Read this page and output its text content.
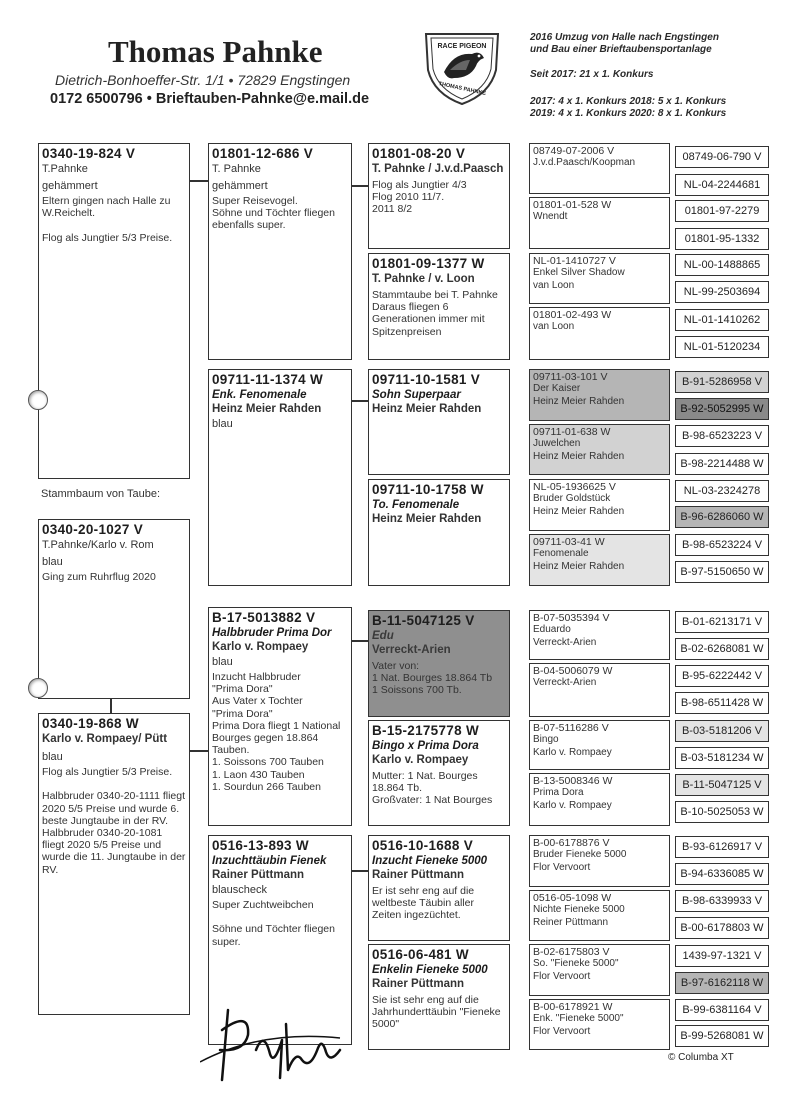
Thomas Pahnke
Dietrich-Bonhoeffer-Str. 1/1 • 72829 Engstingen
0172 6500796 • Brieftauben-Pahnke@e.mail.de
RACE PIGEON
THOMAS PAHNKE
2016 Umzug von Halle nach Engstingen
und Bau einer Brieftaubensportanlage
Seit 2017: 21 x 1. Konkurs
2017: 4 x 1. Konkurs 2018: 5 x 1. Konkurs
2019: 4 x 1. Konkurs 2020: 8 x 1. Konkurs
0340-19-824 V
T.Pahnke
gehämmert
Eltern gingen nach Halle zu W.Reichelt.

Flog als Jungtier 5/3 Preise.
Stammbaum von Taube:
0340-20-1027 V
T.Pahnke/Karlo v. Rom
blau
Ging zum Ruhrflug 2020
0340-19-868 W
Karlo v. Rompaey/ Pütt
blau
Flog als Jungtier 5/3 Preise.

Halbbruder 0340-20-1111 fliegt 2020 5/5 Preise und wurde 6. beste Jungtaube in der RV.
Halbbruder 0340-20-1081 fliegt 2020 5/5 Preise und wurde die 11. Jungtaube in der RV.
01801-12-686 V
T. Pahnke
gehämmert
Super Reisevogel.
Söhne und Töchter fliegen ebenfalls super.
09711-11-1374 W
Enk. Fenomenale
Heinz Meier Rahden
blau
B-17-5013882 V
Halbbruder Prima Dor
Karlo v. Rompaey
blau
Inzucht Halbbruder
"Prima Dora"
Aus Vater x Tochter
"Prima Dora"
Prima Dora fliegt 1 National Bourges gegen 18.864 Tauben.
1. Soissons 700 Tauben
1. Laon 430 Tauben
1. Sourdun 266 Tauben
0516-13-893 W
Inzuchttäubin Fienek
Rainer Püttmann
blauscheck
Super Zuchtweibchen

Söhne und Töchter fliegen super.
01801-08-20 V
T. Pahnke / J.v.d.Paasch
Flog als Jungtier 4/3
Flog 2010 11/7.
2011 8/2
01801-09-1377 W
T. Pahnke / v. Loon
Stammtaube bei T. Pahnke
Daraus fliegen 6 Generationen immer mit Spitzenpreisen
09711-10-1581 V
Sohn Superpaar
Heinz Meier Rahden
09711-10-1758 W
To. Fenomenale
Heinz Meier Rahden
B-11-5047125 V
Edu
Verreckt-Arien
Vater von:
1 Nat. Bourges 18.864 Tb
1 Soissons 700 Tb.
B-15-2175778 W
Bingo x Prima Dora
Karlo v. Rompaey
Mutter: 1 Nat. Bourges 18.864 Tb.
Großvater: 1 Nat Bourges
0516-10-1688 V
Inzucht Fieneke 5000
Rainer Püttmann
Er ist sehr eng auf die weltbeste Täubin aller Zeiten ingezüchtet.
0516-06-481 W
Enkelin Fieneke 5000
Rainer Püttmann
Sie ist sehr eng auf die Jahrhunderttäubin "Fieneke 5000"
08749-07-2006 V
J.v.d.Paasch/Koopman
01801-01-528 W
Wnendt
NL-01-1410727 V
Enkel Silver Shadow
van Loon
01801-02-493 W
van Loon
09711-03-101 V
Der Kaiser
Heinz Meier Rahden
09711-01-638 W
Juwelchen
Heinz Meier Rahden
NL-05-1936625 V
Bruder Goldstück
Heinz Meier Rahden
09711-03-41 W
Fenomenale
Heinz Meier Rahden
B-07-5035394 V
Eduardo
Verreckt-Arien
B-04-5006079 W
Verreckt-Arien
B-07-5116286 V
Bingo
Karlo v. Rompaey
B-13-5008346 W
Prima Dora
Karlo v. Rompaey
B-00-6178876 V
Bruder Fieneke 5000
Flor Vervoort
0516-05-1098 W
Nichte Fieneke 5000
Reiner Püttmann
B-02-6175803 V
So. "Fieneke 5000"
Flor Vervoort
B-00-6178921 W
Enk. "Fieneke 5000"
Flor Vervoort
08749-06-790 V
NL-04-2244681
01801-97-2279
01801-95-1332
NL-00-1488865
NL-99-2503694
NL-01-1410262
NL-01-5120234
B-91-5286958 V
B-92-5052995 W
B-98-6523223 V
B-98-2214488 W
NL-03-2324278
B-96-6286060 W
B-98-6523224 V
B-97-5150650 W
B-01-6213171 V
B-02-6268081 W
B-95-6222442 V
B-98-6511428 W
B-03-5181206 V
B-03-5181234 W
B-11-5047125 V
B-10-5025053 W
B-93-6126917 V
B-94-6336085 W
B-98-6339933 V
B-00-6178803 W
1439-97-1321 V
B-97-6162118 W
B-99-6381164 V
B-99-5268081 W
© Columba XT
